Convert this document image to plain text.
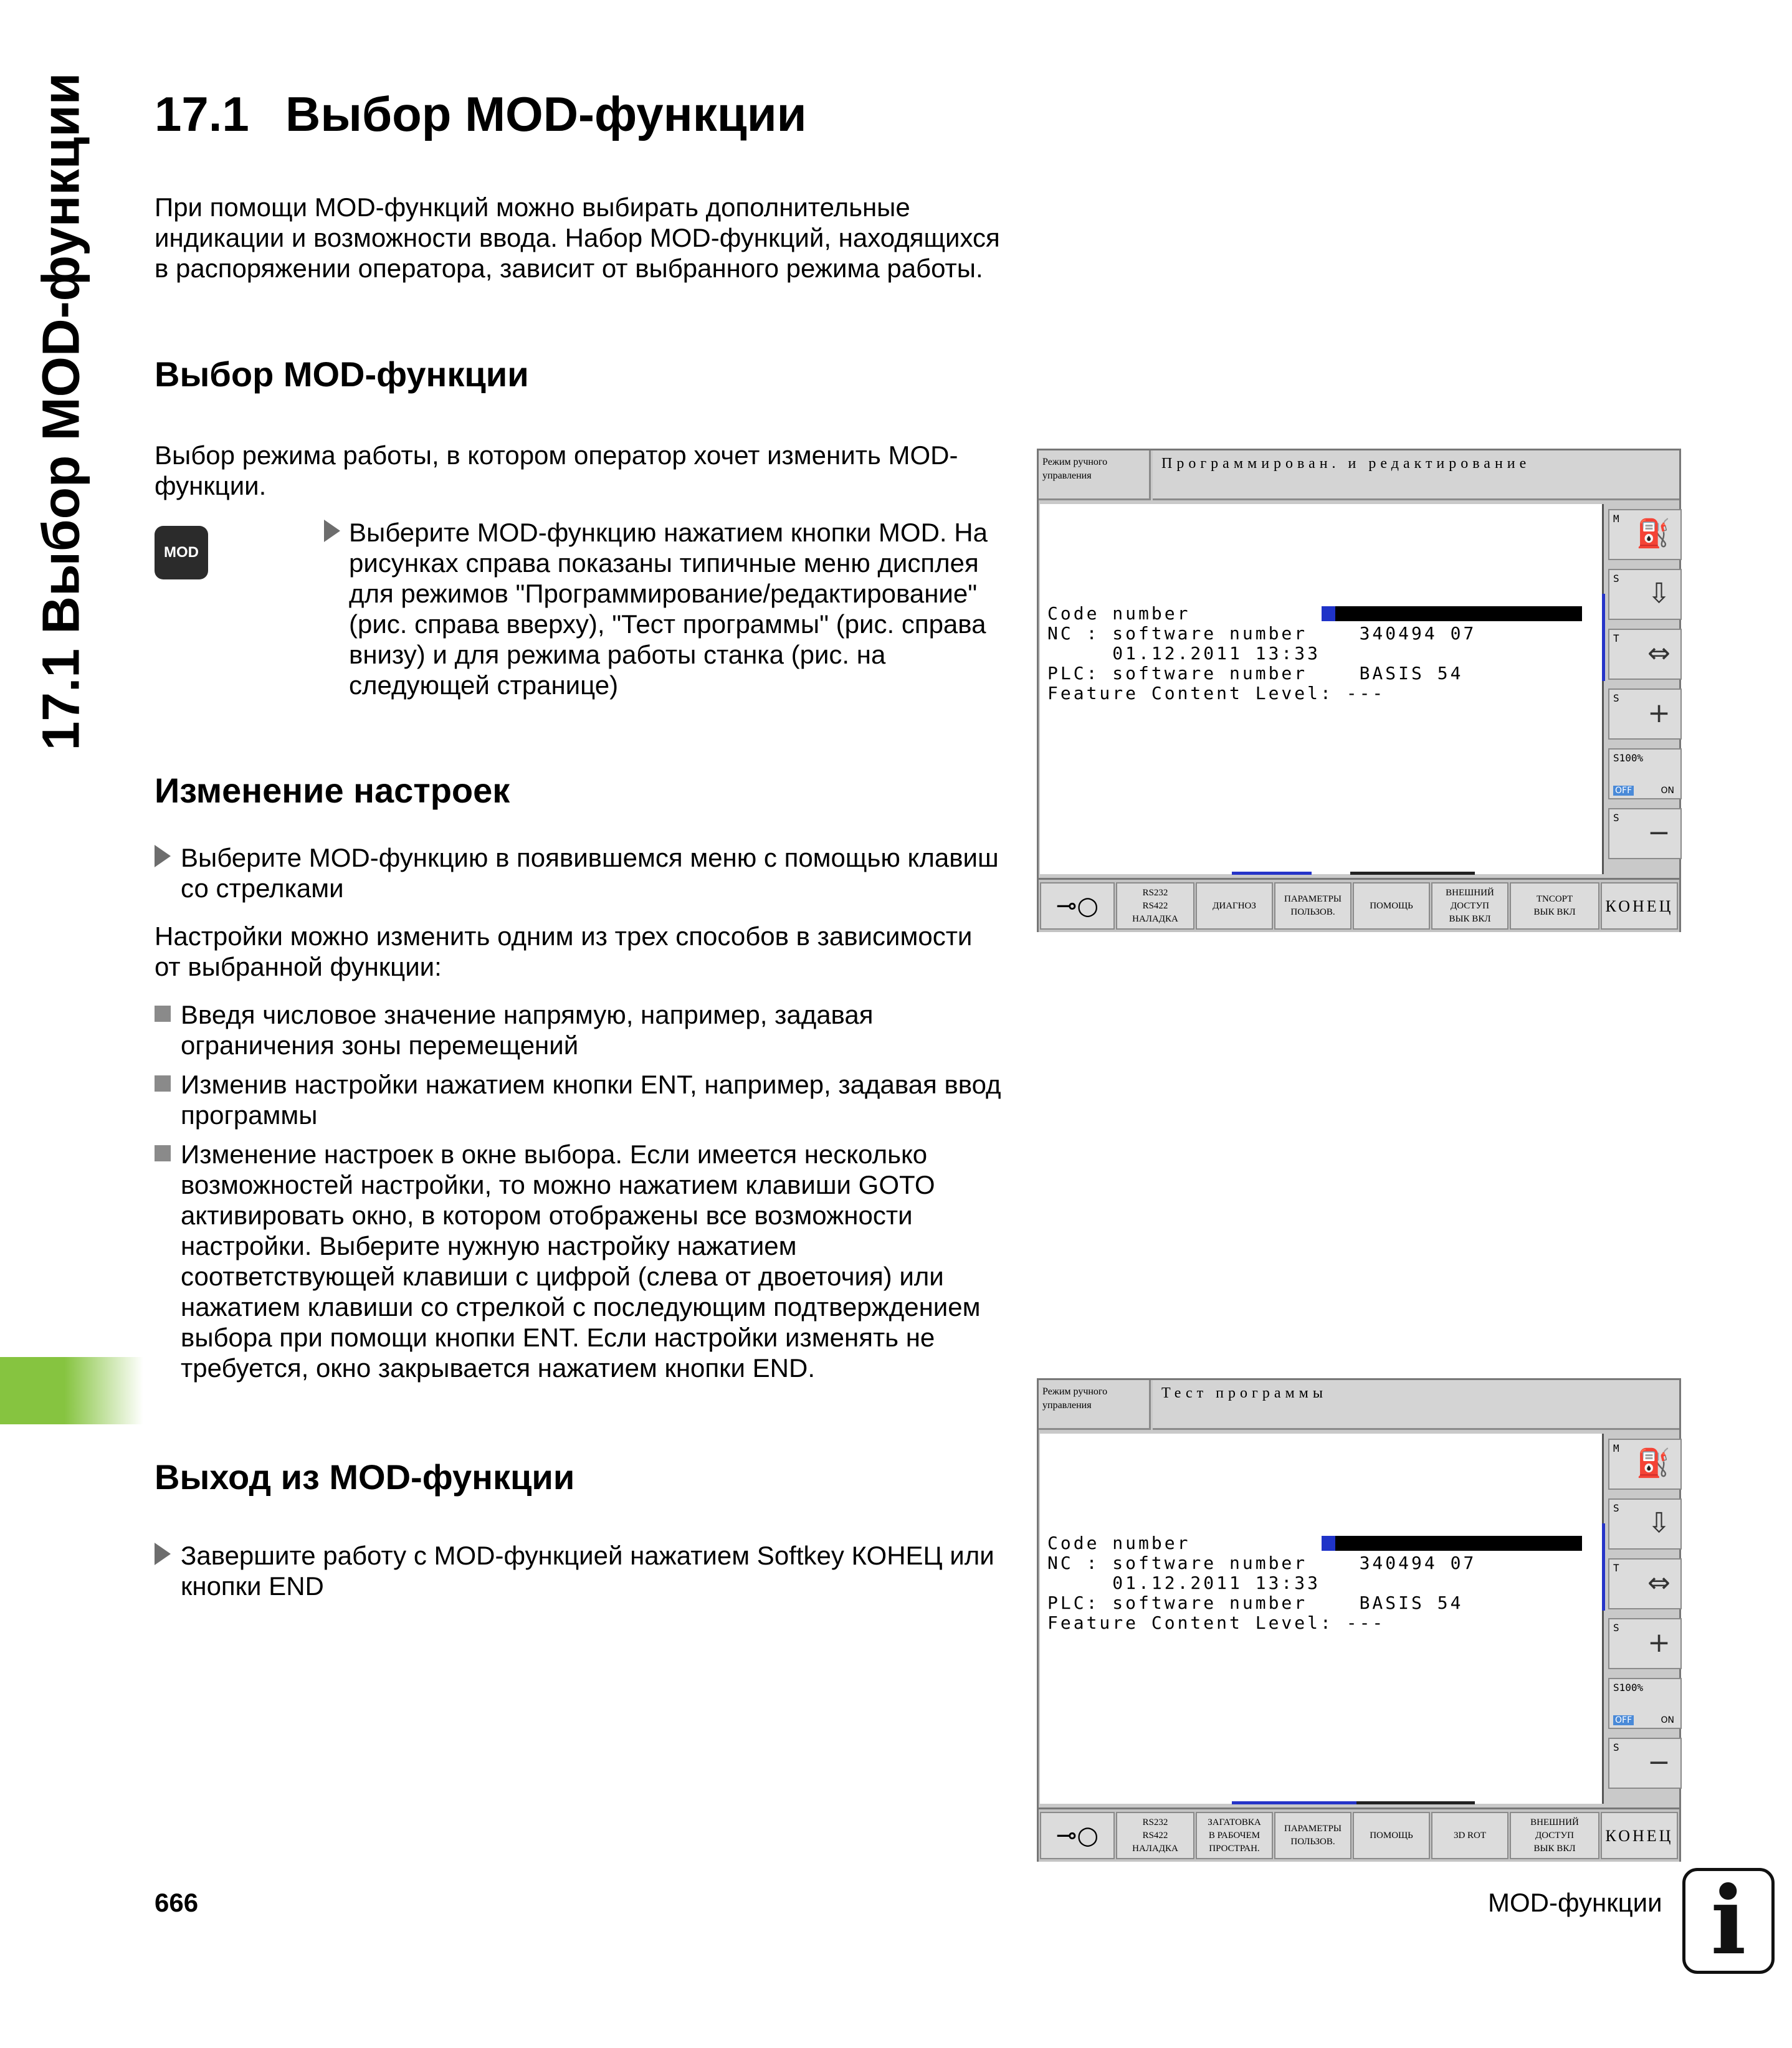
17.1 Выбор MOD-функции 17.1 Выбор MOD-функции

При помощи MOD-функций можно выбирать дополнительные индикации и возможности ввода. Набор MOD-функций, находящихся в распоряжении оператора, зависит от выбранного режима работы.

Выбор MOD-функции

Выбор режима работы, в котором оператор хочет изменить MOD-функции.

MOD
Выберите MOD-функцию нажатием кнопки MOD. На рисунках справа показаны типичные меню дисплея для режимов "Программирование/редактирование" (рис. справа вверху), "Тест программы" (рис. справа внизу) и для режима работы станка (рис. на следующей странице)
Изменение настроек
Выберите MOD-функцию в появившемся меню с помощью клавиш со стрелками

Настройки можно изменить одним из трех способов в зависимости от выбранной функции:

Введя числовое значение напрямую, например, задавая ограничения зоны перемещений
Изменив настройки нажатием кнопки ENT, например, задавая ввод программы
Изменение настроек в окне выбора. Если имеется несколько возможностей настройки, то можно нажатием клавиши GOTO активировать окно, в котором отображены все возможности настройки. Выберите нужную настройку нажатием соответствующей клавиши с цифрой (слева от двоеточия) или нажатием клавиши со стрелкой с последующим подтверждением выбора при помощи кнопки ENT. Если настройки изменять не требуется, окно закрывается нажатием кнопки END.
Выход из MOD-функции
Завершите работу с MOD-функцией нажатием Softkey КОНЕЦ или кнопки END
Режим ручного управления
Программирован. и редактирование
Code number
NC : software number    340494 07
01.12.2011 13:33
PLC: software number    BASIS 54
Feature Content Level: ---
M ⛽
S ⇩
T ⇔
S +
S100%
OFF	ON
S −
⊸○	RS232
RS422
НАЛАДКА
ДИАГНОЗ
ПАРАМЕТРЫ
ПОЛЬЗОВ.
ПОМОЩЬ
ВНЕШНИЙ
ДОСТУП
ВЫК ВКЛ
TNCOPT
ВЫК ВКЛ	КОНЕЦ
Режим ручного управления
Тест программы
Code number
NC : software number    340494 07
01.12.2011 13:33
PLC: software number    BASIS 54
Feature Content Level: ---
M ⛽
S ⇩
T ⇔
S +
S100%
OFF	ON
S −
⊸○	RS232
RS422
НАЛАДКА
ЗАГАТОВКА
В РАБОЧЕМ
ПРОСТРАН.
ПАРАМЕТРЫ
ПОЛЬЗОВ.
ПОМОЩЬ	3D ROT
ВНЕШНИЙ
ДОСТУП
ВЫК ВКЛ
КОНЕЦ
666	MOD-функции i
